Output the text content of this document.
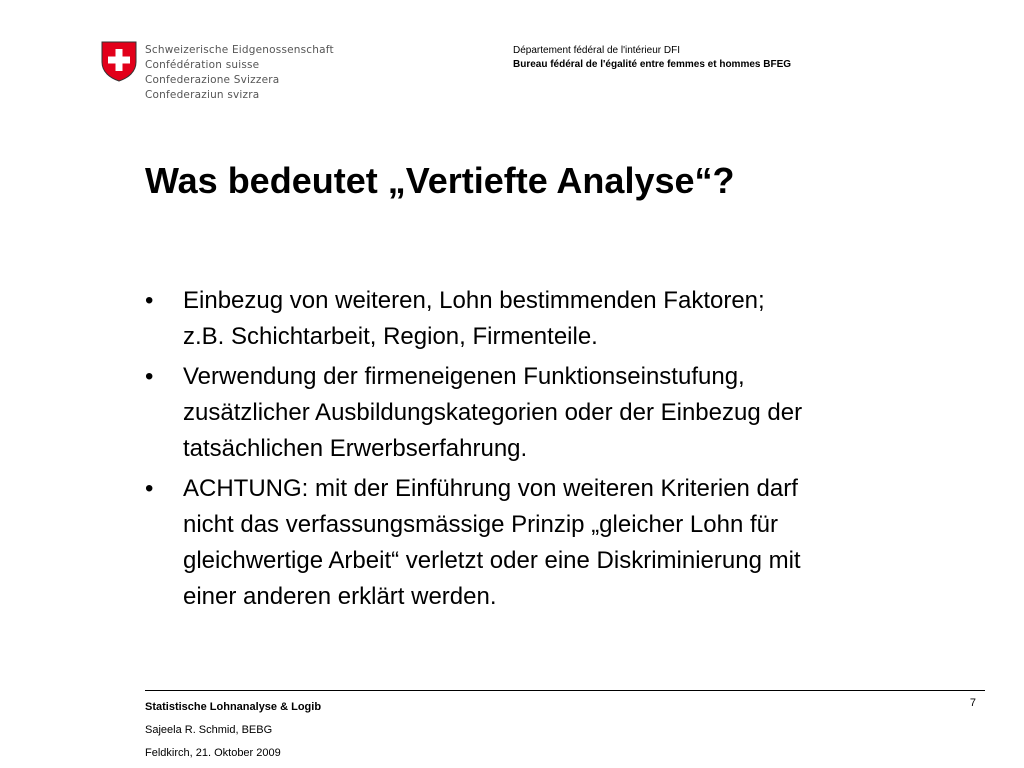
Schweizerische Eidgenossenschaft
Confédération suisse
Confederazione Svizzera
Confederaziun svizra
Département fédéral de l'intérieur DFI
Bureau fédéral de l'égalité entre femmes et hommes BFEG
Was bedeutet „Vertiefte Analyse“?
• Einbezug von weiteren, Lohn bestimmenden Faktoren;
z.B. Schichtarbeit, Region, Firmenteile.
• Verwendung der firmeneigenen Funktionseinstufung,
zusätzlicher Ausbildungskategorien oder der Einbezug der
tatsächlichen Erwerbserfahrung.
• ACHTUNG: mit der Einführung von weiteren Kriterien darf
nicht das verfassungsmässige Prinzip „gleicher Lohn für
gleichwertige Arbeit“ verletzt oder eine Diskriminierung mit
einer anderen erklärt werden.
Statistische Lohnanalyse & Logib
Sajeela R. Schmid, BEBG
Feldkirch, 21. Oktober 2009
7
